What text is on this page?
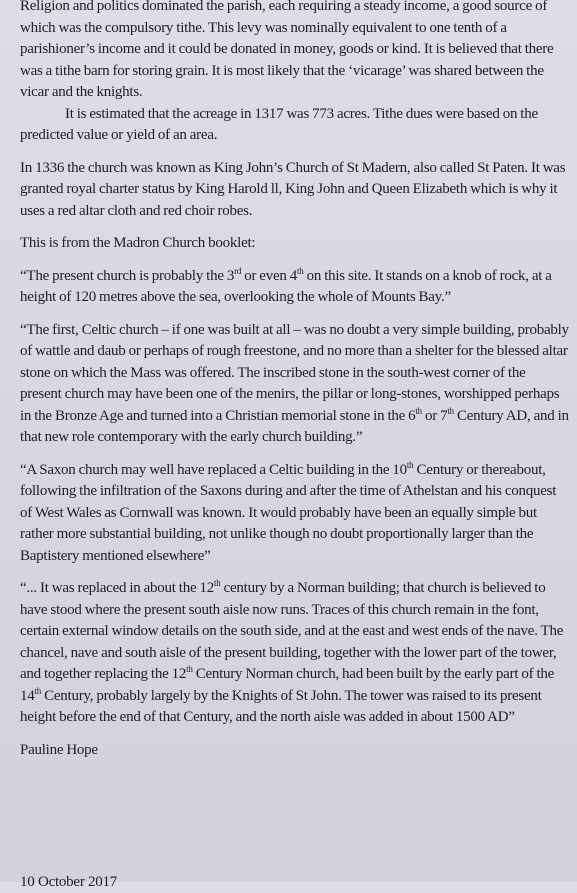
Religion and politics dominated the parish, each requiring a steady income, a good source of which was the compulsory tithe. This levy was nominally equivalent to one tenth of a parishioner’s income and it could be donated in money, goods or kind. It is believed that there was a tithe barn for storing grain. It is most likely that the ‘vicarage’ was shared between the vicar and the knights.

It is estimated that the acreage in 1317 was 773 acres. Tithe dues were based on the predicted value or yield of an area.

In 1336 the church was known as King John’s Church of St Madern, also called St Paten. It was granted royal charter status by King Harold ll, King John and Queen Elizabeth which is why it uses a red altar cloth and red choir robes.

This is from the Madron Church booklet:

“The present church is probably the 3rd or even 4th on this site. It stands on a knob of rock, at a height of 120 metres above the sea, overlooking the whole of Mounts Bay.”

“The first, Celtic church – if one was built at all – was no doubt a very simple building, probably of wattle and daub or perhaps of rough freestone, and no more than a shelter for the blessed altar stone on which the Mass was offered. The inscribed stone in the south-west corner of the present church may have been one of the menirs, the pillar or long-stones, worshipped perhaps in the Bronze Age and turned into a Christian memorial stone in the 6th or 7th Century AD, and in that new role contemporary with the early church building.”

“A Saxon church may well have replaced a Celtic building in the 10th Century or thereabout, following the infiltration of the Saxons during and after the time of Athelstan and his conquest of West Wales as Cornwall was known. It would probably have been an equally simple but rather more substantial building, not unlike though no doubt proportionally larger than the Baptistery mentioned elsewhere”

“... It was replaced in about the 12th century by a Norman building; that church is believed to have stood where the present south aisle now runs. Traces of this church remain in the font, certain external window details on the south side, and at the east and west ends of the nave. The chancel, nave and south aisle of the present building, together with the lower part of the tower, and together replacing the 12th Century Norman church, had been built by the early part of the 14th Century, probably largely by the Knights of St John. The tower was raised to its present height before the end of that Century, and the north aisle was added in about 1500 AD”

Pauline Hope

10 October 2017
